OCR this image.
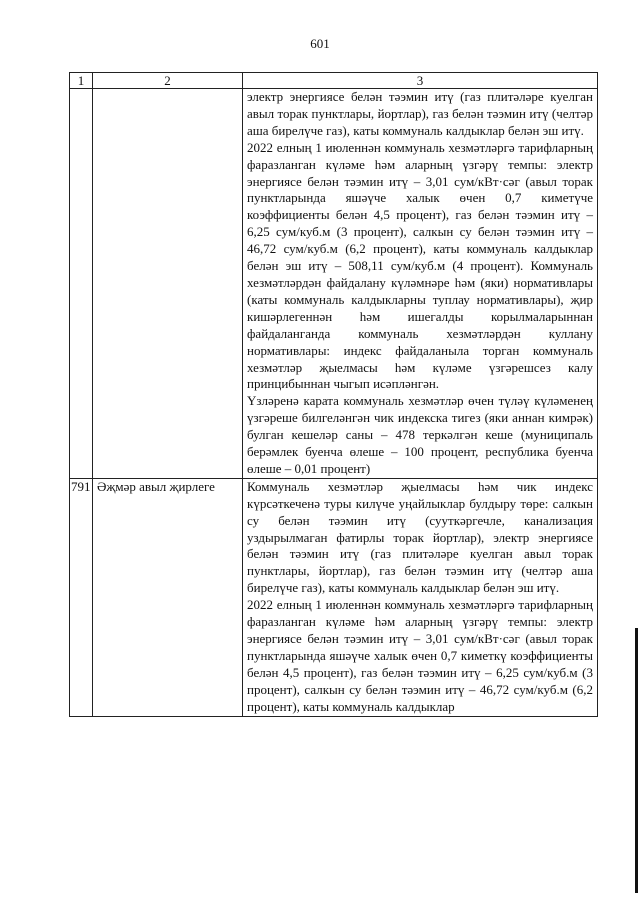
601
1	2	3

		электр энергиясе белән тәэмин итү (газ плитәләре куелган авыл торак пунктлары, йортлар), газ белән тәэмин итү (челтәр аша бирелүче газ), каты коммуналь калдыклар белән эш итү.

2022 елның 1 июленнән коммуналь хезмәтләргә тарифларның фаразланган күләме һәм аларның үзгәрү темпы: электр энергиясе белән тәэмин итү – 3,01 сум/кВт·сәг (авыл торак пунктларында яшәүче халык өчен 0,7 киметүче коэффициенты белән 4,5 процент), газ белән тәэмин итү – 6,25 сум/куб.м (3 процент), салкын су белән тәэмин итү – 46,72 сум/куб.м (6,2 процент), каты коммуналь калдыклар белән эш итү – 508,11 сум/куб.м (4 процент). Коммуналь хезмәтләрдән файдалану күләмнәре һәм (яки) нормативлары (каты коммуналь калдыкларны туплау нормативлары), җир кишәрлегеннән һәм ишегалды корылмаларыннан файдаланганда коммуналь хезмәтләрдән куллану нормативлары: индекс файдаланыла торган коммуналь хезмәтләр җыелмасы һәм күләме үзгәрешсез калу принцибыннан чыгып исәпләнгән.

Үзләренә карата коммуналь хезмәтләр өчен түләү күләменең үзгәреше билгеләнгән чик индекска тигез (яки аннан кимрәк) булган кешеләр саны – 478 теркәлгән кеше (муниципаль берәмлек буенча өлеше – 100 процент, республика буенча өлеше – 0,01 процент)

791	Әҗмәр авыл җирлеге	Коммуналь хезмәтләр җыелмасы һәм чик индекс күрсәткеченә туры килүче уңайлыклар булдыру төре: салкын су белән тәэмин итү (сууткәргечле, канализация уздырылмаган фатирлы торак йортлар), электр энергиясе белән тәэмин итү (газ плитәләре куелган авыл торак пунктлары, йортлар), газ белән тәэмин итү (челтәр аша бирелүче газ), каты коммуналь калдыклар белән эш итү.

2022 елның 1 июленнән коммуналь хезмәтләргә тарифларның фаразланган күләме һәм аларның үзгәрү темпы: электр энергиясе белән тәэмин итү – 3,01 сум/кВт·сәг (авыл торак пунктларында яшәүче халык өчен 0,7 киметкү коэффициенты белән 4,5 процент), газ белән тәэмин итү – 6,25 сум/куб.м (3 процент), салкын су белән тәэмин итү – 46,72 сум/куб.м (6,2 процент), каты коммуналь калдыклар
